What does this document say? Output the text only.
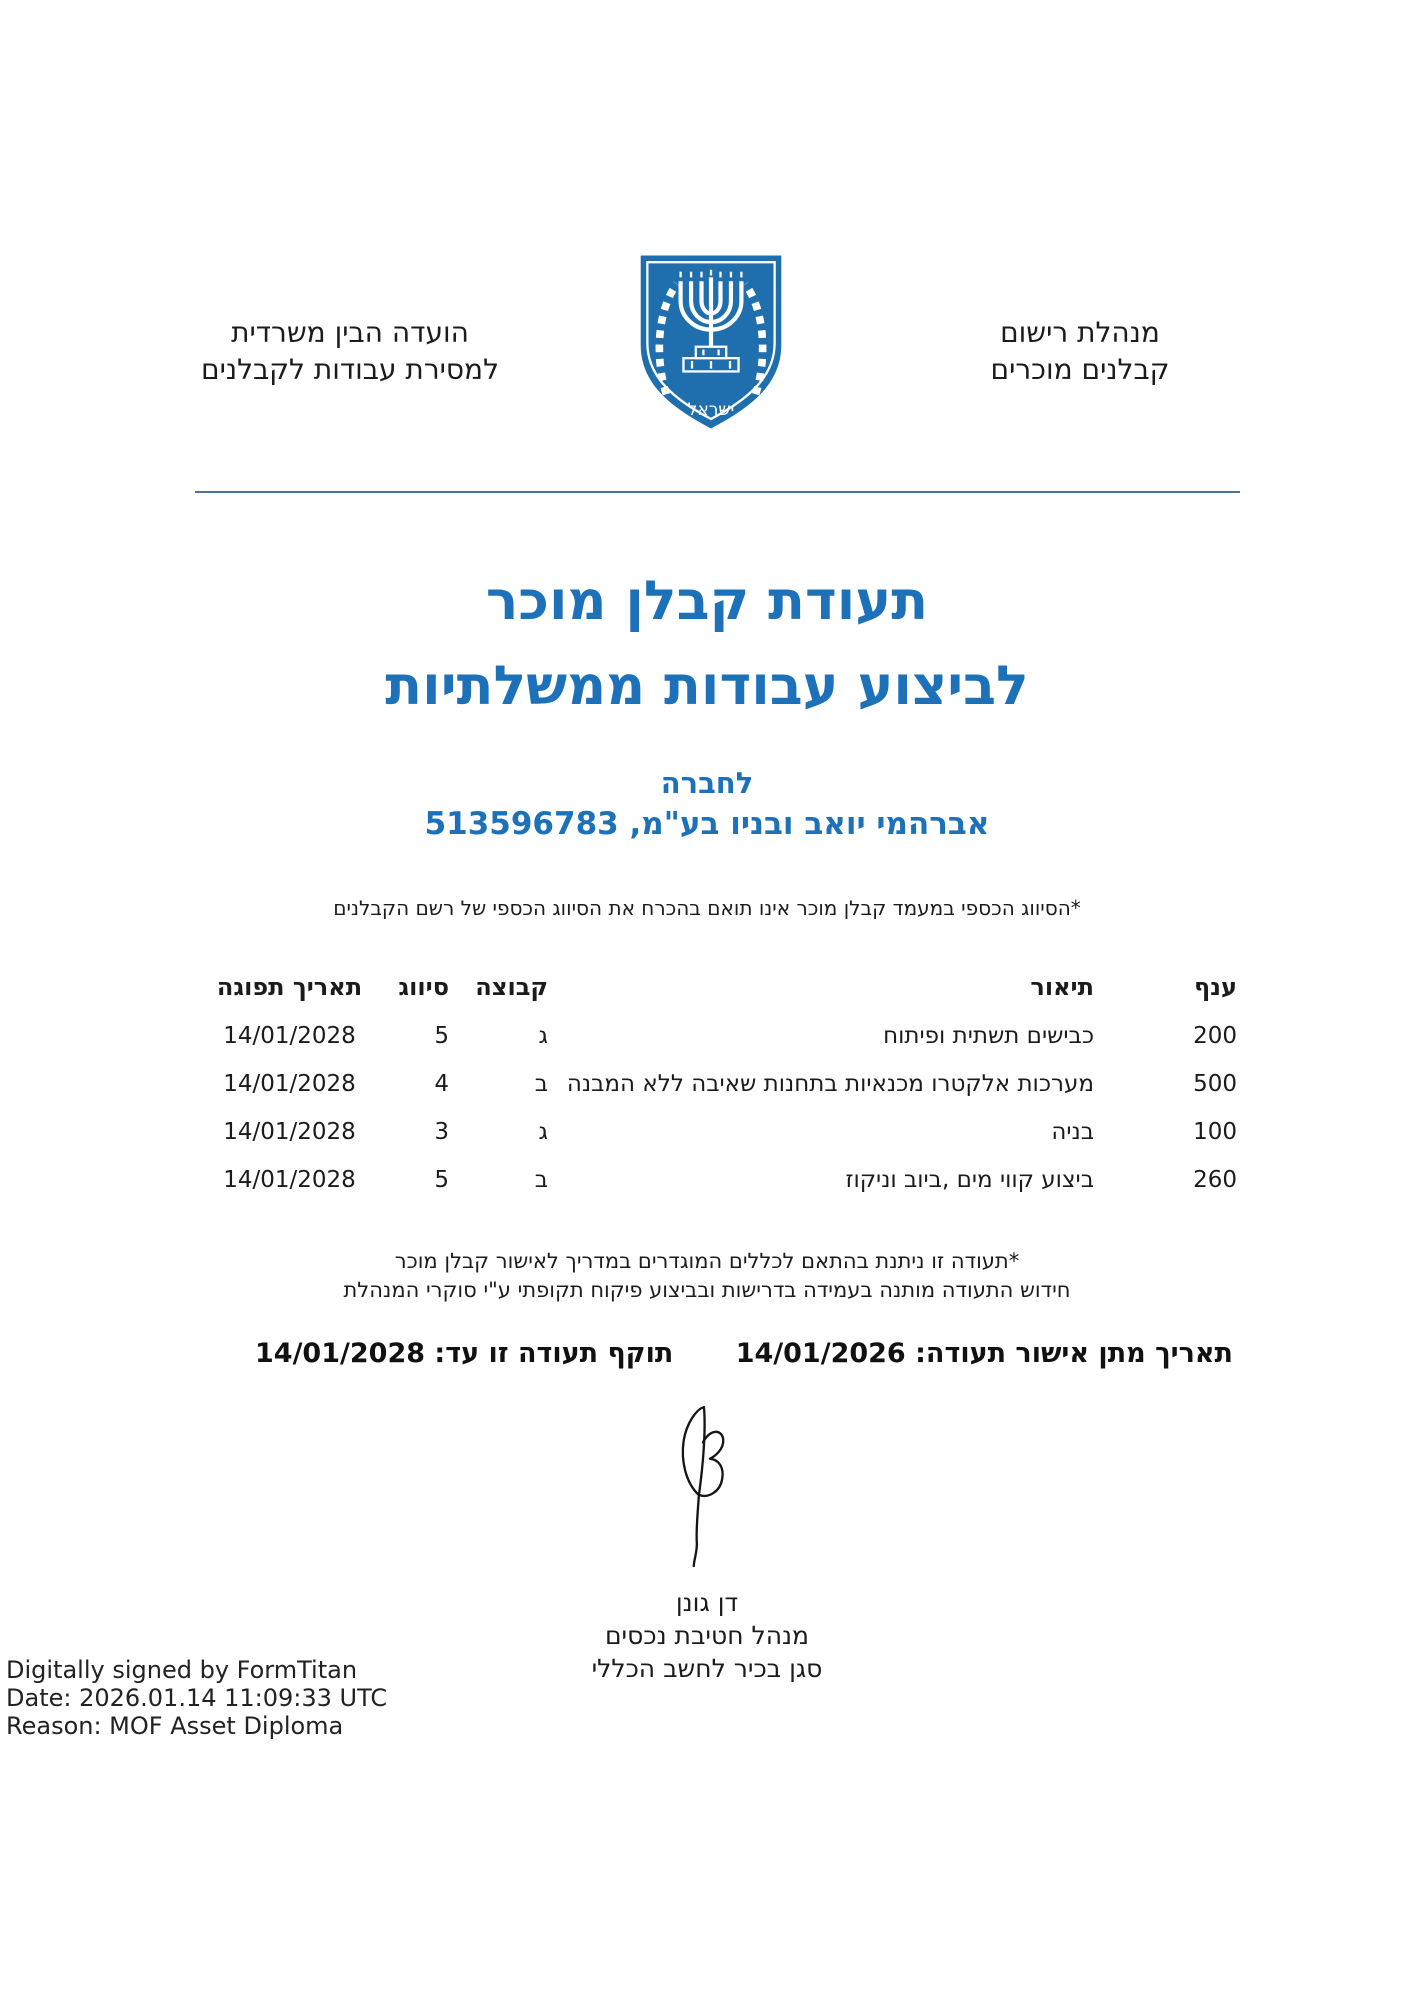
הועדה הבין משרדית
למסירת עבודות לקבלנים
ישראל
מנהלת רישום
קבלנים מוכרים
תעודת קבלן מוכר
לביצוע עבודות ממשלתיות
לחברה
אברהמי יואב ובניו בע"מ, 513596783
*הסיווג הכספי במעמד קבלן מוכר אינו תואם בהכרח את הסיווג הכספי של רשם הקבלנים
ענף	תיאור	קבוצה	סיווג	תאריך תפוגה
200	כבישים תשתית ופיתוח	ג	5	14/01/2028
500	מערכות אלקטרו מכנאיות בתחנות שאיבה ללא המבנה	ב	4	14/01/2028
100	בניה	ג	3	14/01/2028
260	ביצוע קווי מים ,ביוב וניקוז	ב	5	14/01/2028
*תעודה זו ניתנת בהתאם לכללים המוגדרים במדריך לאישור קבלן מוכר
חידוש התעודה מותנה בעמידה בדרישות ובביצוע פיקוח תקופתי ע"י סוקרי המנהלת
תאריך מתן אישור תעודה: 14/01/2026
תוקף תעודה זו עד: 14/01/2028
דן גונן
מנהל חטיבת נכסים
סגן בכיר לחשב הכללי
Digitally signed by FormTitan
Date: 2026.01.14 11:09:33 UTC
Reason: MOF Asset Diploma
